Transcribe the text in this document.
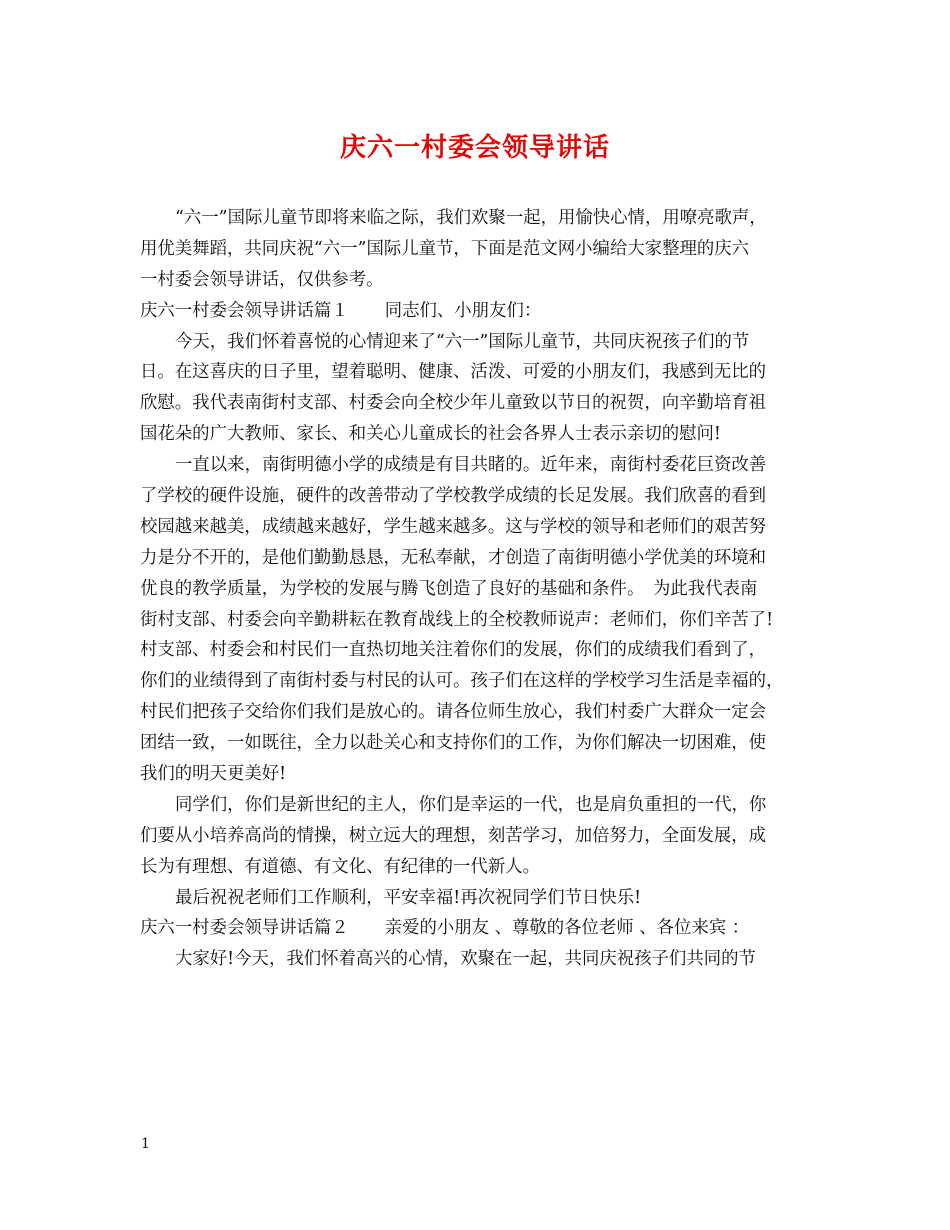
庆六一村委会领导讲话
“六一”国际儿童节即将来临之际，我们欢聚一起，用愉快心情，用嘹亮歌声，
用优美舞蹈，共同庆祝“六一”国际儿童节，下面是范文网小编给大家整理的庆六
一村委会领导讲话，仅供参考。
庆六一村委会领导讲话篇１ 同志们、小朋友们：
今天，我们怀着喜悦的心情迎来了“六一”国际儿童节，共同庆祝孩子们的节
日。在这喜庆的日子里，望着聪明、健康、活泼、可爱的小朋友们，我感到无比的
欣慰。我代表南街村支部、村委会向全校少年儿童致以节日的祝贺，向辛勤培育祖
国花朵的广大教师、家长、和关心儿童成长的社会各界人士表示亲切的慰问!
一直以来，南街明德小学的成绩是有目共睹的。近年来，南街村委花巨资改善
了学校的硬件设施，硬件的改善带动了学校教学成绩的长足发展。我们欣喜的看到
校园越来越美，成绩越来越好，学生越来越多。这与学校的领导和老师们的艰苦努
力是分不开的，是他们勤勤恳恳，无私奉献，才创造了南街明德小学优美的环境和
优良的教学质量，为学校的发展与腾飞创造了良好的基础和条件。　为此我代表南
街村支部、村委会向辛勤耕耘在教育战线上的全校教师说声：老师们，你们辛苦了!
村支部、村委会和村民们一直热切地关注着你们的发展，你们的成绩我们看到了，
你们的业绩得到了南街村委与村民的认可。孩子们在这样的学校学习生活是幸福的，
村民们把孩子交给你们我们是放心的。请各位师生放心，我们村委广大群众一定会
团结一致，一如既往，全力以赴关心和支持你们的工作，为你们解决一切困难，使
我们的明天更美好!
同学们，你们是新世纪的主人，你们是幸运的一代，也是肩负重担的一代，你
们要从小培养高尚的情操，树立远大的理想，刻苦学习，加倍努力，全面发展，成
长为有理想、有道德、有文化、有纪律的一代新人。
最后祝祝老师们工作顺利，平安幸福!再次祝同学们节日快乐!
庆六一村委会领导讲话篇２ 亲爱的小朋友 、尊敬的各位老师 、各位来宾 ：
大家好!今天，我们怀着高兴的心情，欢聚在一起，共同庆祝孩子们共同的节
1
